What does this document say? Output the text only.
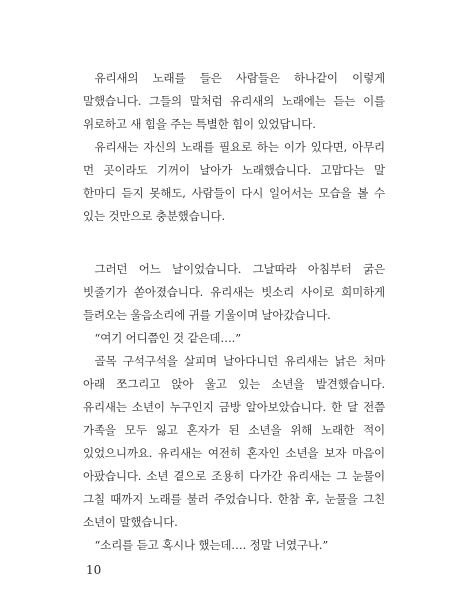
유리새의 노래를 들은 사람들은 하나같이 이렇게 말했습니다. 그들의 말처럼 유리새의 노래에는 듣는 이를 위로하고 새 힘을 주는 특별한 힘이 있었답니다.

유리새는 자신의 노래를 필요로 하는 이가 있다면, 아무리 먼 곳이라도 기꺼이 날아가 노래했습니다. 고맙다는 말 한마디 듣지 못해도, 사람들이 다시 일어서는 모습을 볼 수 있는 것만으로 충분했습니다.

그러던 어느 날이었습니다. 그날따라 아침부터 굵은 빗줄기가 쏟아졌습니다. 유리새는 빗소리 사이로 희미하게 들려오는 울음소리에 귀를 기울이며 날아갔습니다.

“여기 어디쯤인 것 같은데….”

골목 구석구석을 살피며 날아다니던 유리새는 낡은 처마 아래 쪼그리고 앉아 울고 있는 소년을 발견했습니다. 유리새는 소년이 누구인지 금방 알아보았습니다. 한 달 전쯤 가족을 모두 잃고 혼자가 된 소년을 위해 노래한 적이 있었으니까요. 유리새는 여전히 혼자인 소년을 보자 마음이 아팠습니다. 소년 곁으로 조용히 다가간 유리새는 그 눈물이 그칠 때까지 노래를 불러 주었습니다. 한참 후, 눈물을 그친 소년이 말했습니다.

“소리를 듣고 혹시나 했는데…. 정말 너였구나.”

10
